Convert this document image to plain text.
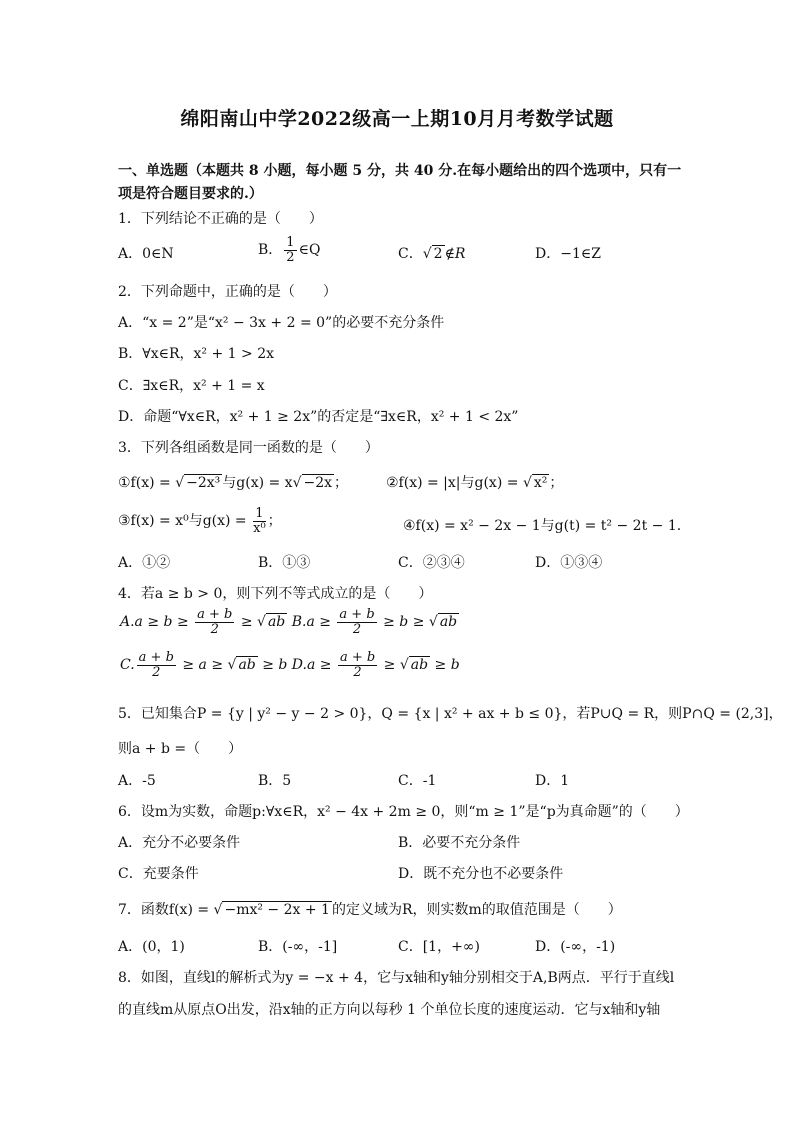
绵阳南山中学2022级高一上期10月月考数学试题
一、单选题（本题共 8 小题，每小题 5 分，共 40 分.在每小题给出的四个选项中，只有一
项是符合题目要求的.）
1．下列结论不正确的是（　　）
A．0∈N	B． $\frac{1}{2}$ ∈Q	C．√ 2 ∉R	D．−1∈Z
2．下列命题中，正确的是（　　）
A．“x = 2”是“x² − 3x + 2 = 0”的必要不充分条件
B．∀x∈R，x² + 1 > 2x
C．∃x∈R，x² + 1 = x
D．命题“∀x∈R，x² + 1 ≥ 2x”的否定是“∃x∈R，x² + 1 < 2x”
3．下列各组函数是同一函数的是（　　）
①f(x) = √ −2x³ 与g(x) = x√ −2x ；	②f(x) = |x|与g(x) = √ x² ；
③f(x) = x⁰与$g(x) = \frac{1}{\text{x⁰}}$ ；	④f(x) = x² − 2x − 1与g(t) = t² − 2t − 1.
A．①②	B．①③	C．②③④	D．①③④
4．若a ≥ b > 0，则下列不等式成立的是（　　）
$A.a \ge b \ge \frac{a + b}{2}$ ≥ √ ab $B.a \ge \frac{a + b}{2} \ge b$ ≥ √ ab
C. $\frac{a + b}{2} \ge a$ ≥ √ ab ≥ b $D.a \ge \frac{a + b}{2}$ ≥ √ ab ≥ b
5．已知集合P = {y | y² − y − 2 > 0}，Q = {x | x² + ax + b ≤ 0}，若P∪Q = R，则P∩Q = (2,3]，
则a + b =（　　）
A．-5	B．5	C．-1	D．1
6．设m为实数，命题p:∀x∈R，x² − 4x + 2m ≥ 0，则“m ≥ 1”是“p为真命题”的（　　）
A．充分不必要条件	B．必要不充分条件
C．充要条件	D．既不充分也不必要条件
7．函数f(x) = √ −mx² − 2x + 1 的定义域为R，则实数m的取值范围是（　　）
A．(0，1)	B．(-∞，-1]	C．[1，+∞)	D．(-∞，-1)
8．如图，直线l的解析式为y = −x + 4，它与x轴和y轴分别相交于A,B两点．平行于直线l
的直线m从原点O出发，沿x轴的正方向以每秒 1 个单位长度的速度运动．它与x轴和y轴
